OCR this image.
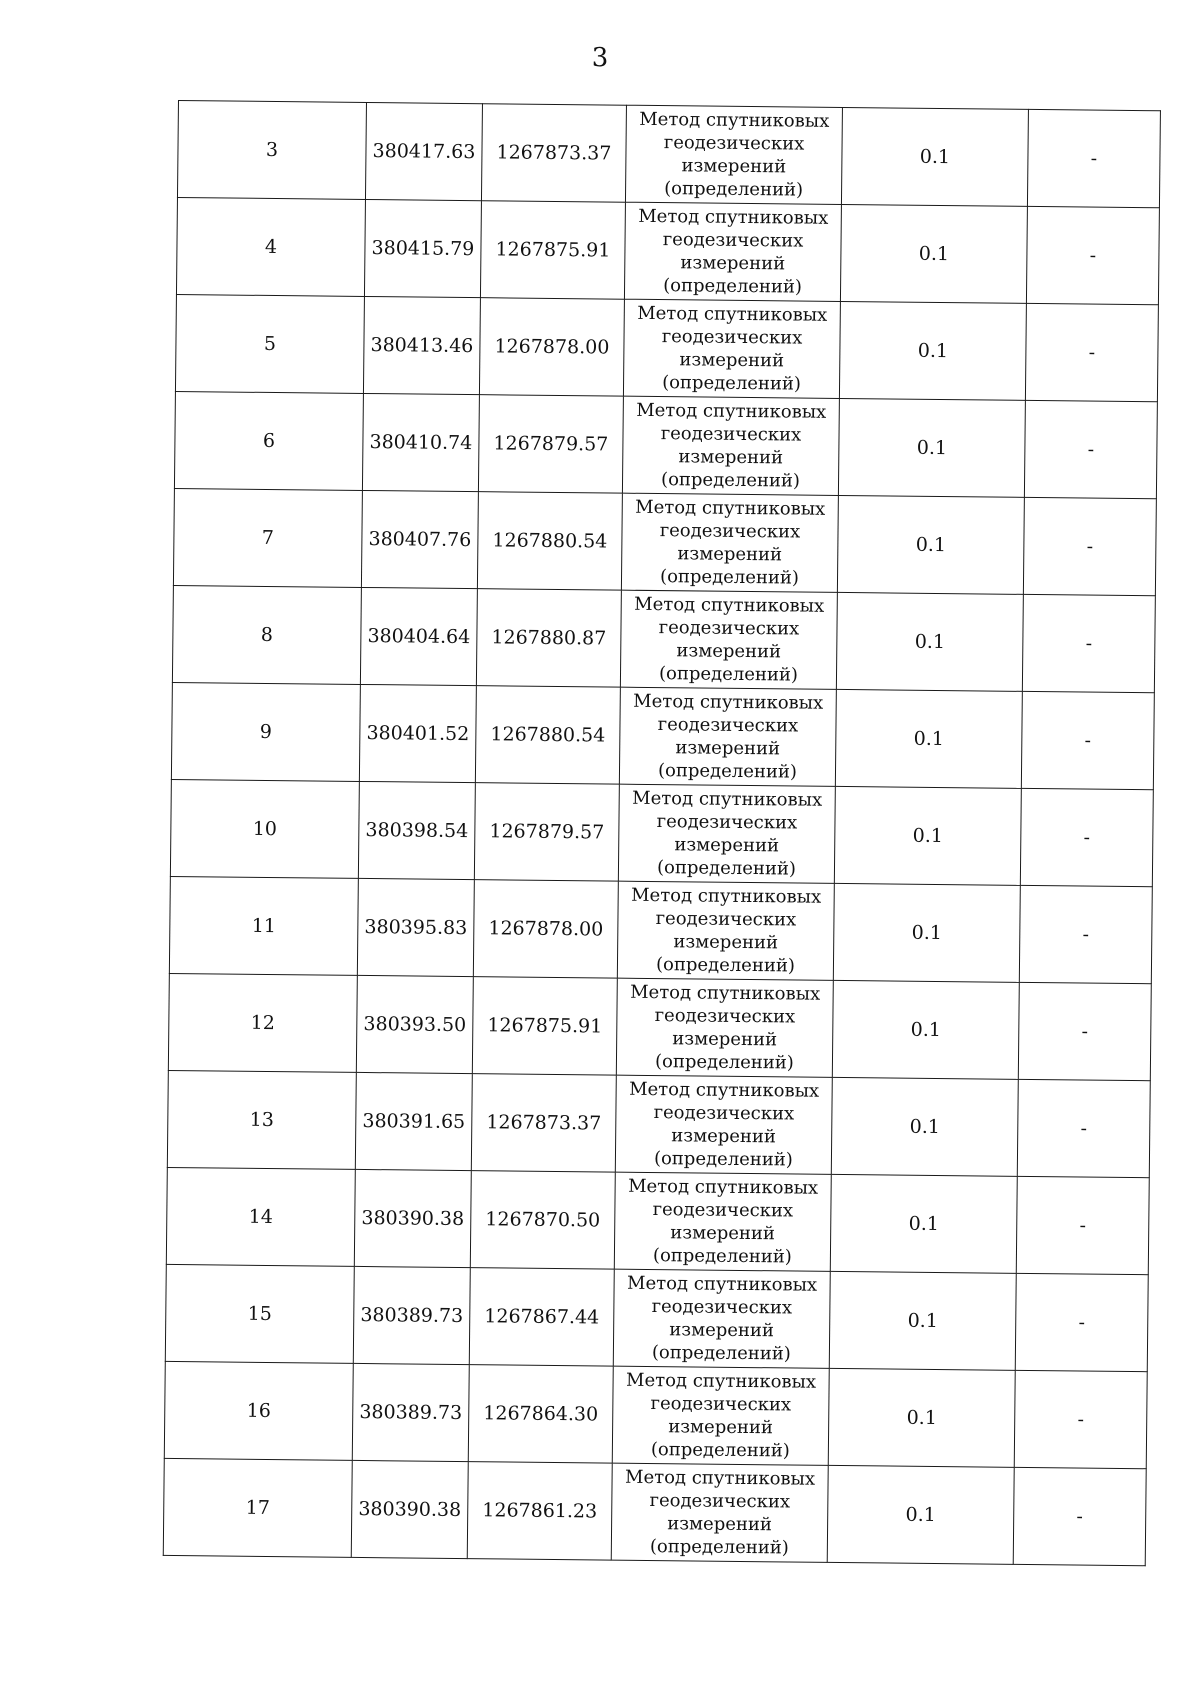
3
3	380417.63	1267873.37	Метод спутниковых
геодезических
измерений
(определений)	0.1	-
4	380415.79	1267875.91	Метод спутниковых
геодезических
измерений
(определений)	0.1	-
5	380413.46	1267878.00	Метод спутниковых
геодезических
измерений
(определений)	0.1	-
6	380410.74	1267879.57	Метод спутниковых
геодезических
измерений
(определений)	0.1	-
7	380407.76	1267880.54	Метод спутниковых
геодезических
измерений
(определений)	0.1	-
8	380404.64	1267880.87	Метод спутниковых
геодезических
измерений
(определений)	0.1	-
9	380401.52	1267880.54	Метод спутниковых
геодезических
измерений
(определений)	0.1	-
10	380398.54	1267879.57	Метод спутниковых
геодезических
измерений
(определений)	0.1	-
11	380395.83	1267878.00	Метод спутниковых
геодезических
измерений
(определений)	0.1	-
12	380393.50	1267875.91	Метод спутниковых
геодезических
измерений
(определений)	0.1	-
13	380391.65	1267873.37	Метод спутниковых
геодезических
измерений
(определений)	0.1	-
14	380390.38	1267870.50	Метод спутниковых
геодезических
измерений
(определений)	0.1	-
15	380389.73	1267867.44	Метод спутниковых
геодезических
измерений
(определений)	0.1	-
16	380389.73	1267864.30	Метод спутниковых
геодезических
измерений
(определений)	0.1	-
17	380390.38	1267861.23	Метод спутниковых
геодезических
измерений
(определений)	0.1	-
